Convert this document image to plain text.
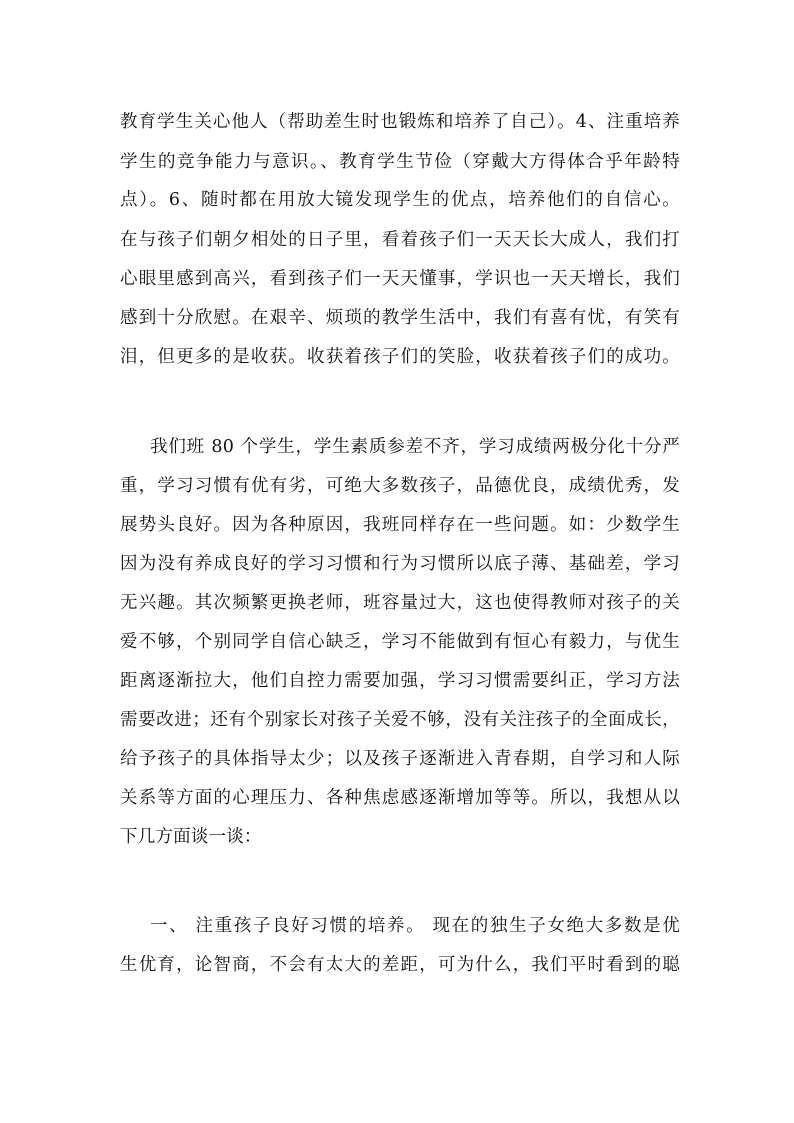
教育学生关心他人（帮助差生时也锻炼和培养了自己）。4、注重培养

学生的竞争能力与意识。、教育学生节俭（穿戴大方得体合乎年龄特

点）。6、随时都在用放大镜发现学生的优点，培养他们的自信心。

在与孩子们朝夕相处的日子里，看着孩子们一天天长大成人，我们打

心眼里感到高兴，看到孩子们一天天懂事，学识也一天天增长，我们

感到十分欣慰。在艰辛、烦琐的教学生活中，我们有喜有忧，有笑有

泪，但更多的是收获。收获着孩子们的笑脸，收获着孩子们的成功。

我们班 80 个学生，学生素质参差不齐，学习成绩两极分化十分严

重，学习习惯有优有劣，可绝大多数孩子，品德优良，成绩优秀，发

展势头良好。因为各种原因，我班同样存在一些问题。如：少数学生

因为没有养成良好的学习习惯和行为习惯所以底子薄、基础差，学习

无兴趣。其次频繁更换老师，班容量过大，这也使得教师对孩子的关

爱不够，个别同学自信心缺乏，学习不能做到有恒心有毅力，与优生

距离逐渐拉大，他们自控力需要加强，学习习惯需要纠正，学习方法

需要改进；还有个别家长对孩子关爱不够，没有关注孩子的全面成长，

给予孩子的具体指导太少；以及孩子逐渐进入青春期，自学习和人际

关系等方面的心理压力、各种焦虑感逐渐增加等等。所以，我想从以

下几方面谈一谈：

一、 注重孩子良好习惯的培养。 现在的独生子女绝大多数是优

生优育，论智商，不会有太大的差距，可为什么，我们平时看到的聪
